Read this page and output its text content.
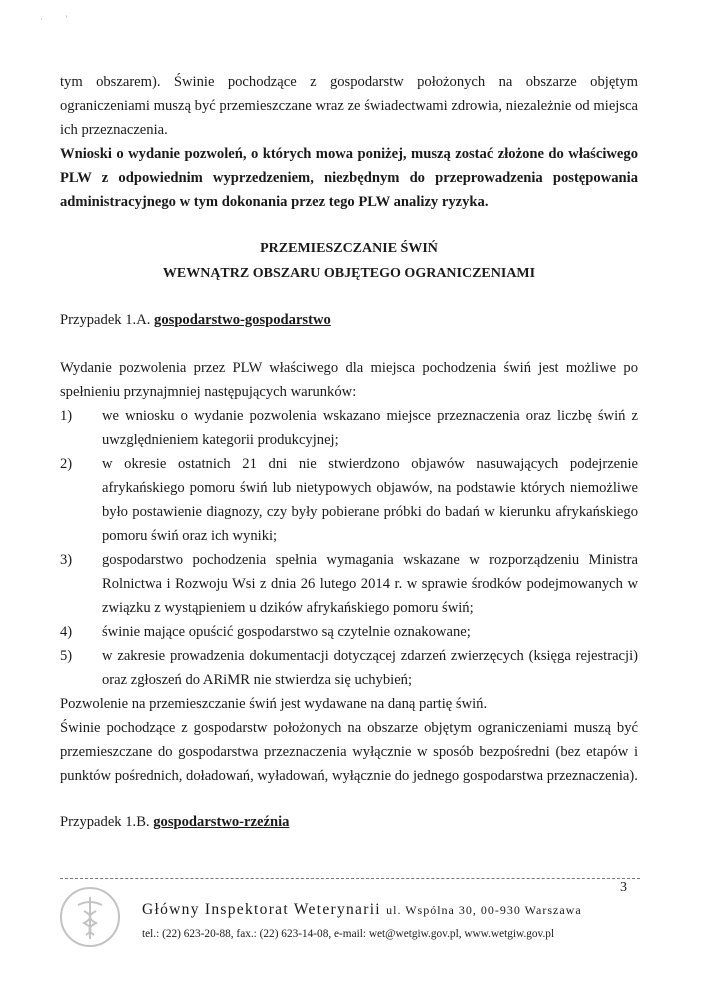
·          '

tym obszarem). Świnie pochodzące z gospodarstw położonych na obszarze objętym ograniczeniami muszą być przemieszczane wraz ze świadectwami zdrowia, niezależnie od miejsca ich przeznaczenia.

Wnioski o wydanie pozwoleń, o których mowa poniżej, muszą zostać złożone do właściwego PLW z odpowiednim wyprzedzeniem, niezbędnym do przeprowadzenia postępowania administracyjnego w tym dokonania przez tego PLW analizy ryzyka.

PRZEMIESZCZANIE ŚWIŃ
WEWNĄTRZ OBSZARU OBJĘTEGO OGRANICZENIAMI

Przypadek 1.A. gospodarstwo-gospodarstwo

Wydanie pozwolenia przez PLW właściwego dla miejsca pochodzenia świń jest możliwe po spełnieniu przynajmniej następujących warunków:

1) we wniosku o wydanie pozwolenia wskazano miejsce przeznaczenia oraz liczbę świń z uwzględnieniem kategorii produkcyjnej;
2) w okresie ostatnich 21 dni nie stwierdzono objawów nasuwających podejrzenie afrykańskiego pomoru świń lub nietypowych objawów, na podstawie których niemożliwe było postawienie diagnozy, czy były pobierane próbki do badań w kierunku afrykańskiego pomoru świń oraz ich wyniki;
3) gospodarstwo pochodzenia spełnia wymagania wskazane w rozporządzeniu Ministra Rolnictwa i Rozwoju Wsi z dnia 26 lutego 2014 r. w sprawie środków podejmowanych w związku z wystąpieniem u dzików afrykańskiego pomoru świń;
4) świnie mające opuścić gospodarstwo są czytelnie oznakowane;
5) w zakresie prowadzenia dokumentacji dotyczącej zdarzeń zwierzęcych (księga rejestracji) oraz zgłoszeń do ARiMR nie stwierdza się uchybień;

Pozwolenie na przemieszczanie świń jest wydawane na daną partię świń.

Świnie pochodzące z gospodarstw położonych na obszarze objętym ograniczeniami muszą być przemieszczane do gospodarstwa przeznaczenia wyłącznie w sposób bezpośredni (bez etapów i punktów pośrednich, doładowań, wyładowań, wyłącznie do jednego gospodarstwa przeznaczenia).

Przypadek 1.B. gospodarstwo-rzeźnia

3
Główny Inspektorat Weterynarii ul. Wspólna 30, 00-930 Warszawa
tel.: (22) 623-20-88, fax.: (22) 623-14-08, e-mail: wet@wetgiw.gov.pl, www.wetgiw.gov.pl
